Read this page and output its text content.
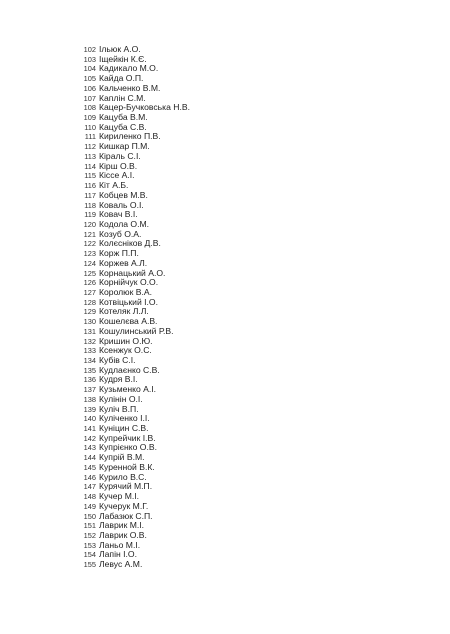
102 Ільюк А.О.
103 Іщейкін К.Є.
104 Кадикало М.О.
105 Кайда О.П.
106 Кальченко В.М.
107 Каплін С.М.
108 Кацер-Бучковська Н.В.
109 Кацуба В.М.
110 Кацуба С.В.
111 Кириленко П.В.
112 Кишкар П.М.
113 Кіраль С.І.
114 Кірш О.В.
115 Кіссе А.І.
116 Кіт А.Б.
117 Кобцев М.В.
118 Коваль О.І.
119 Ковач В.І.
120 Кодола О.М.
121 Козуб О.А.
122 Колєсніков Д.В.
123 Корж П.П.
124 Коржев А.Л.
125 Корнацький А.О.
126 Корнійчук О.О.
127 Королюк В.А.
128 Котвіцький І.О.
129 Котеляк Л.Л.
130 Кошелєва А.В.
131 Кошулинський Р.В.
132 Кришин О.Ю.
133 Ксенжук О.С.
134 Кубів С.І.
135 Кудлаєнко С.В.
136 Кудря В.І.
137 Кузьменко А.І.
138 Кулінін О.І.
139 Кулiч В.П.
140 Куліченко І.І.
141 Куніцин С.В.
142 Купрейчик І.В.
143 Купрієнко О.В.
144 Купрій В.М.
145 Куренной В.К.
146 Курило В.С.
147 Курячий М.П.
148 Кучер М.І.
149 Кучерук М.Г.
150 Лабазюк С.П.
151 Лаврик М.І.
152 Лаврик О.В.
153 Ланьо М.І.
154 Лапін І.О.
155 Левус А.М.
